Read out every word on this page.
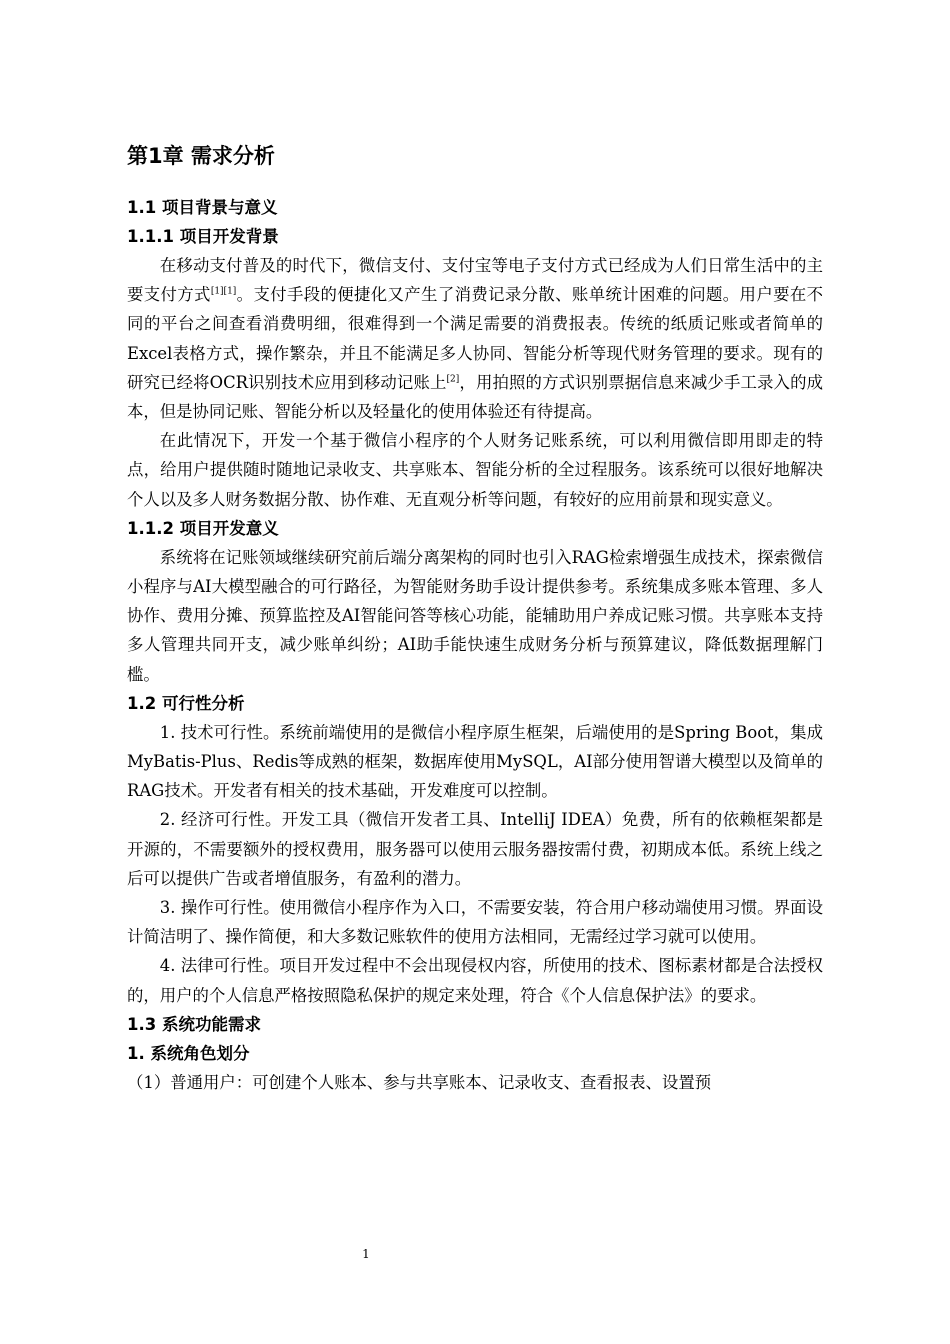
第1章 需求分析
1.1 项目背景与意义
1.1.1 项目开发背景

在移动支付普及的时代下，微信支付、支付宝等电子支付方式已经成为人们日常生活中的主要支付方式[1][1]。支付手段的便捷化又产生了消费记录分散、账单统计困难的问题。用户要在不同的平台之间查看消费明细，很难得到一个满足需要的消费报表。传统的纸质记账或者简单的Excel表格方式，操作繁杂，并且不能满足多人协同、智能分析等现代财务管理的要求。现有的研究已经将OCR识别技术应用到移动记账上[2]，用拍照的方式识别票据信息来减少手工录入的成本，但是协同记账、智能分析以及轻量化的使用体验还有待提高。

在此情况下，开发一个基于微信小程序的个人财务记账系统，可以利用微信即用即走的特点，给用户提供随时随地记录收支、共享账本、智能分析的全过程服务。该系统可以很好地解决个人以及多人财务数据分散、协作难、无直观分析等问题，有较好的应用前景和现实意义。

1.1.2 项目开发意义

系统将在记账领域继续研究前后端分离架构的同时也引入RAG检索增强生成技术，探索微信小程序与AI大模型融合的可行路径，为智能财务助手设计提供参考。系统集成多账本管理、多人协作、费用分摊、预算监控及AI智能问答等核心功能，能辅助用户养成记账习惯。共享账本支持多人管理共同开支，减少账单纠纷；AI助手能快速生成财务分析与预算建议，降低数据理解门槛。

1.2 可行性分析

1. 技术可行性。系统前端使用的是微信小程序原生框架，后端使用的是Spring Boot，集成MyBatis-Plus、Redis等成熟的框架，数据库使用MySQL，AI部分使用智谱大模型以及简单的RAG技术。开发者有相关的技术基础，开发难度可以控制。

2. 经济可行性。开发工具（微信开发者工具、IntelliJ IDEA）免费，所有的依赖框架都是开源的，不需要额外的授权费用，服务器可以使用云服务器按需付费，初期成本低。系统上线之后可以提供广告或者增值服务，有盈利的潜力。

3. 操作可行性。使用微信小程序作为入口，不需要安装，符合用户移动端使用习惯。界面设计简洁明了、操作简便，和大多数记账软件的使用方法相同，无需经过学习就可以使用。

4. 法律可行性。项目开发过程中不会出现侵权内容，所使用的技术、图标素材都是合法授权的，用户的个人信息严格按照隐私保护的规定来处理，符合《个人信息保护法》的要求。

1.3 系统功能需求
1. 系统角色划分

（1）普通用户：可创建个人账本、参与共享账本、记录收支、查看报表、设置预

1
